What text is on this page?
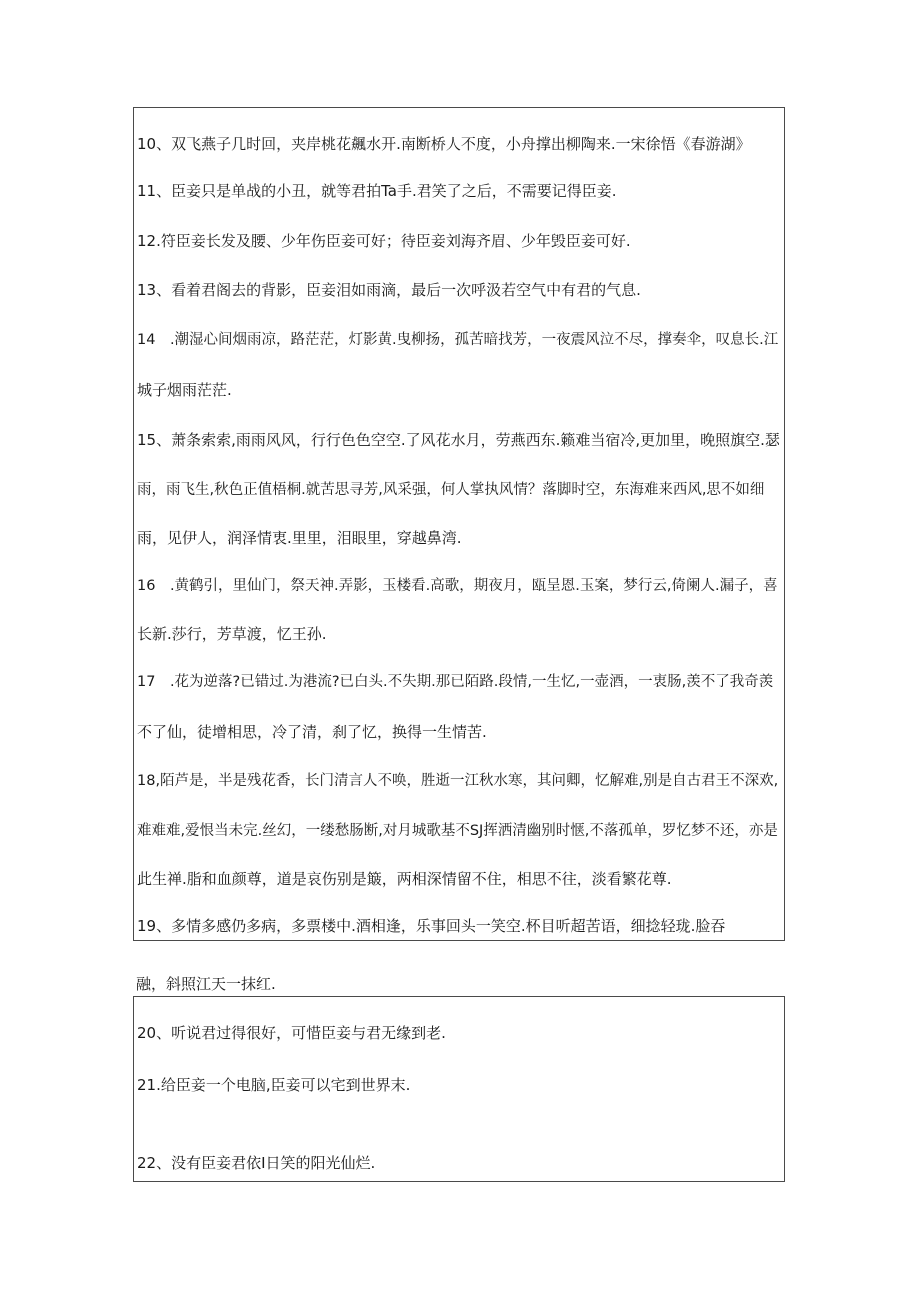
10、双飞燕子几时回，夹岸桃花飆水开.南断桥人不度，小舟撑出柳陶来.一宋徐悟《春游湖》
11、臣妾只是单战的小丑，就等君拍Ta手.君笑了之后，不需要记得臣妾.
12.符臣妾长发及腰、少年伤臣妾可好；待臣妾刘海齐眉、少年毁臣妾可好.
13、看着君阁去的背影，臣妾泪如雨滴，最后一次呼汲若空气中有君的气息.
14　.潮湿心间烟雨凉，路茫茫，灯影黄.曳柳扬，孤苦暗找芳，一夜震风泣不尽，撑奏伞，叹息长.江
城子烟雨茫茫.
15、萧条索索,雨雨风风，行行色色空空.了风花水月，劳燕西东.籁难当宿冷,更加里，晚照旗空.瑟
雨，雨飞生,秋色正值梧桐.就苦思寻芳,风采强，何人掌执风情？落脚时空，东海难来西风,思不如细
雨，见伊人，润泽情衷.里里，泪眼里，穿越鼻湾.
16　.黄鹤引，里仙门，祭天神.弄影，玉楼看.高歌，期夜月，瓯呈恩.玉案，梦行云,倚阑人.漏子，喜
长新.莎行，芳草渡，忆王孙.
17　.花为逆落?已错过.为港流?已白头.不失期.那已陌路.段情,一生忆,一壶酒，一衷肠,羡不了我奇羡
不了仙，徒增相思，冷了清，刹了忆，换得一生情苦.
18,陌芦是，半是残花香，长门清言人不唤，胜逝一江秋水寒，其问卿，忆解难,别是自古君王不深欢,
难难难,爱恨当未完.丝幻，一缕愁肠断,对月城歌基不SJ挥洒清幽别时惬,不落孤单，罗忆梦不还，亦是
此生禅.脂和血颜尊，道是哀伤别是簸，两相深情留不住，相思不往，淡看繁花尊.
19、多情多感仍多病，多票楼中.酒相逢，乐事回头一笑空.杯目听超苦语，细捻轻珑.脸吞
融，斜照江天一抹红.
20、听说君过得很好，可惜臣妾与君无缘到老.
21.给臣妾一个电脑,臣妾可以宅到世界末.
22、没有臣妾君依I日笑的阳光仙烂.
